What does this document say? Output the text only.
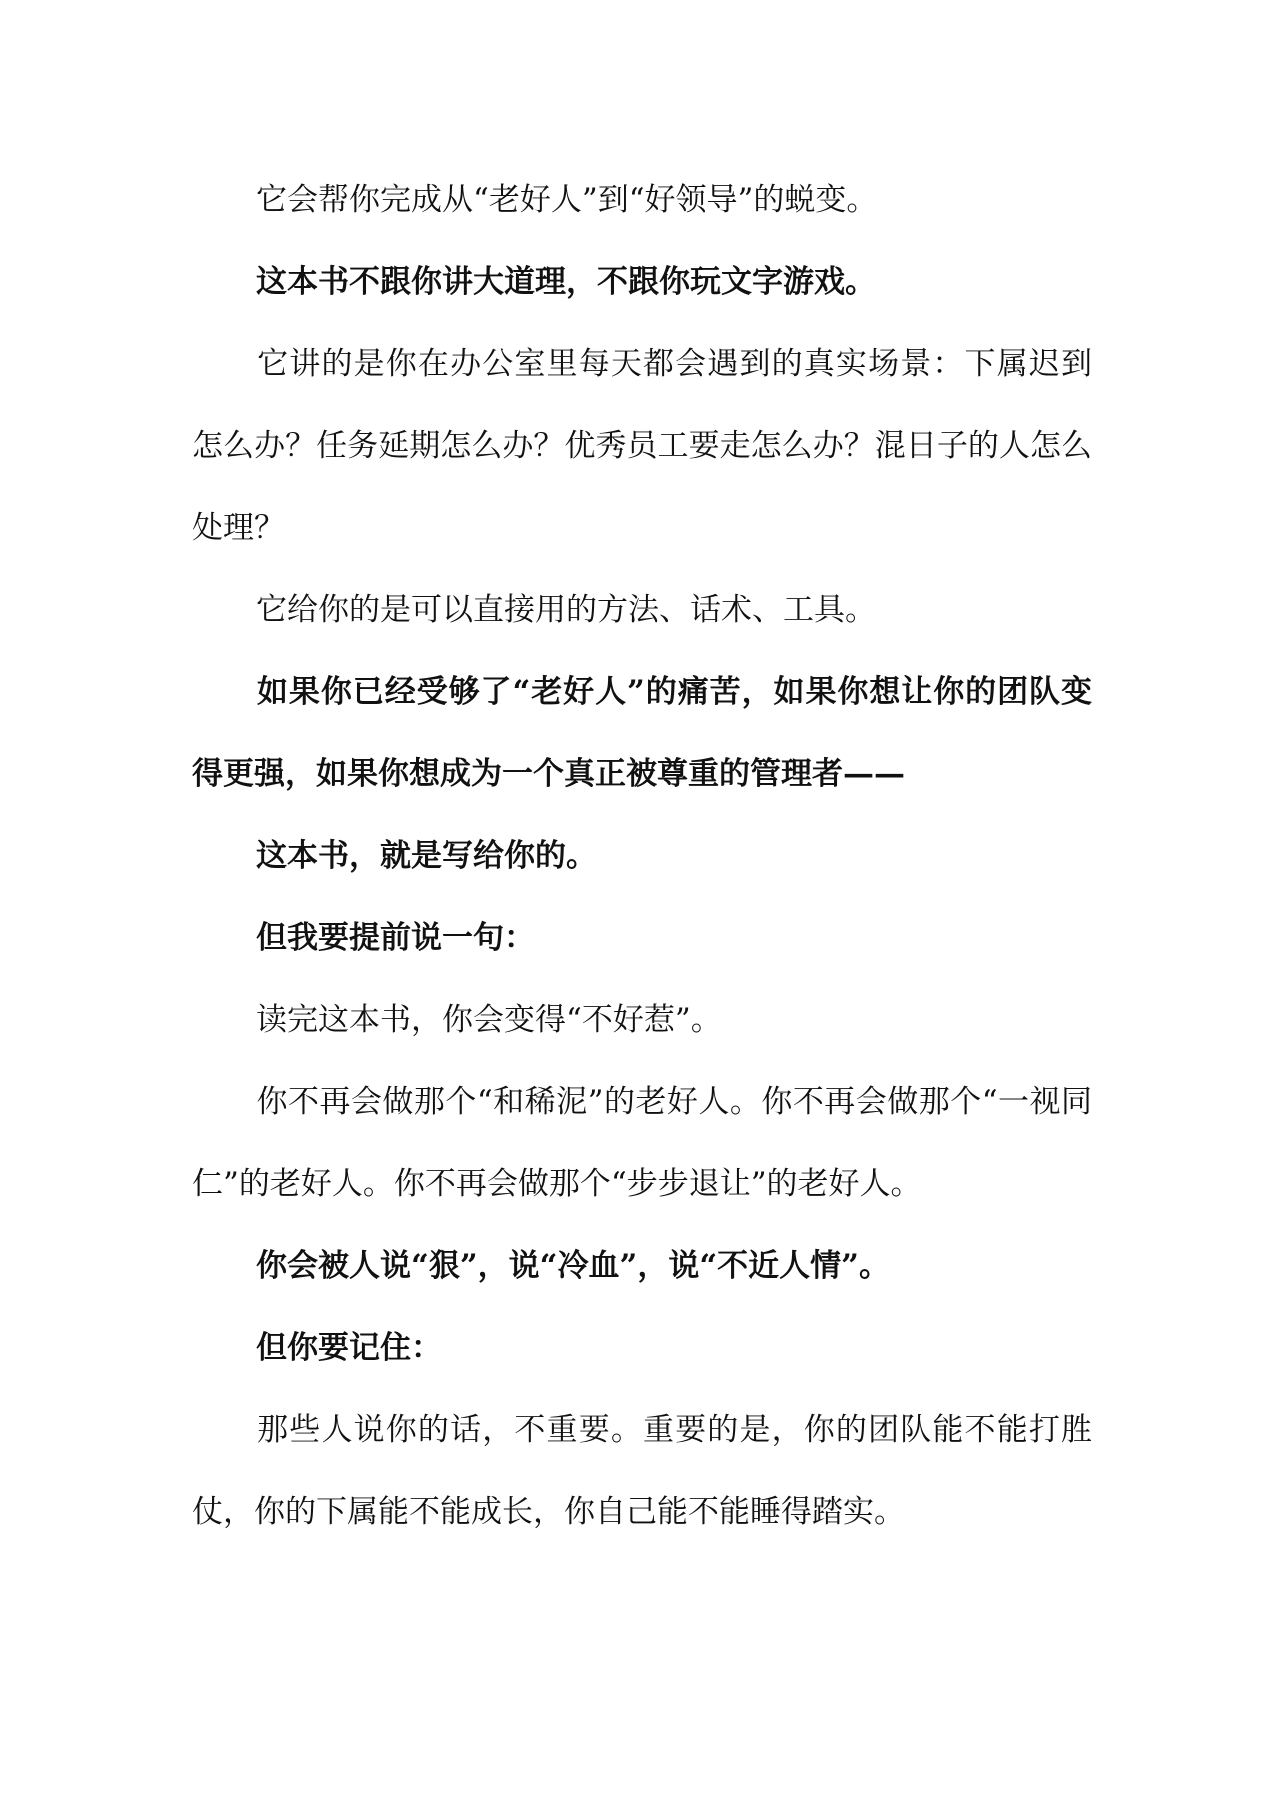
它会帮你完成从“老好人”到“好领导”的蜕变。

这本书不跟你讲大道理，不跟你玩文字游戏。

它讲的是你在办公室里每天都会遇到的真实场景：下属迟到怎么办？任务延期怎么办？优秀员工要走怎么办？混日子的人怎么处理？

它给你的是可以直接用的方法、话术、工具。

如果你已经受够了“老好人”的痛苦，如果你想让你的团队变得更强，如果你想成为一个真正被尊重的管理者——

这本书，就是写给你的。

但我要提前说一句：

读完这本书，你会变得“不好惹”。

你不再会做那个“和稀泥”的老好人。你不再会做那个“一视同仁”的老好人。你不再会做那个“步步退让”的老好人。

你会被人说“狠”，说“冷血”，说“不近人情”。

但你要记住：

那些人说你的话，不重要。重要的是，你的团队能不能打胜仗，你的下属能不能成长，你自己能不能睡得踏实。
